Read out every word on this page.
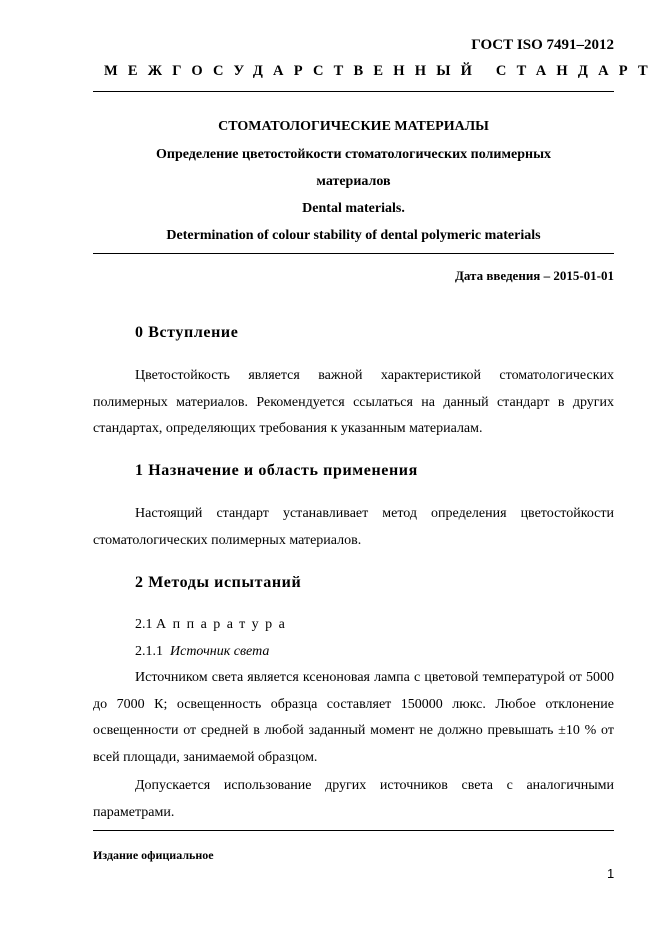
ГОСТ ISO 7491–2012
МЕЖГОСУДАРСТВЕННЫЙ СТАНДАРТ
СТОМАТОЛОГИЧЕСКИЕ МАТЕРИАЛЫ
Определение цветостойкости стоматологических полимерных
материалов
Dental materials.
Determination of colour stability of dental polymeric materials
Дата введения – 2015-01-01
0 Вступление
Цветостойкость является важной характеристикой стоматологических полимерных материалов. Рекомендуется ссылаться на данный стандарт в других стандартах, определяющих требования к указанным материалам.
1 Назначение и область применения
Настоящий стандарт устанавливает метод определения цветостойкости стоматологических полимерных материалов.
2 Методы испытаний
2.1 Аппаратура
2.1.1 Источник света
Источником света является ксеноновая лампа с цветовой температурой от 5000 до 7000 К; освещенность образца составляет 150000 люкс. Любое отклонение освещенности от средней в любой заданный момент не должно превышать ±10 % от всей площади, занимаемой образцом.
Допускается использование других источников света с аналогичными параметрами.
Издание официальное
1
